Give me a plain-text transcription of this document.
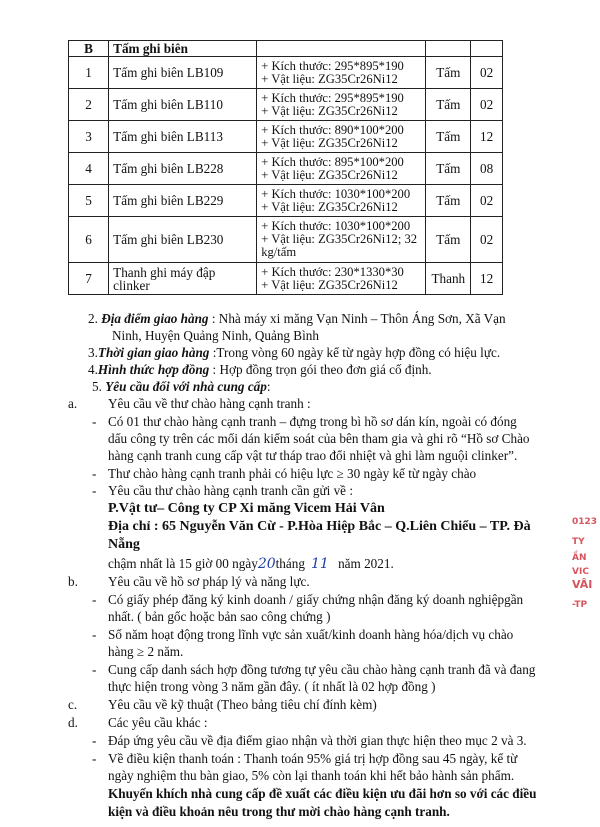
B	Tấm ghi biên			
1	Tấm ghi biên LB109	+ Kích thước: 295*895*190
+ Vật liệu: ZG35Cr26Ni12	Tấm	02
2	Tấm ghi biên LB110	+ Kích thước: 295*895*190
+ Vật liệu: ZG35Cr26Ni12	Tấm	02
3	Tấm ghi biên LB113	+ Kích thước: 890*100*200
+ Vật liệu: ZG35Cr26Ni12	Tấm	12
4	Tấm ghi biên LB228	+ Kích thước: 895*100*200
+ Vật liệu: ZG35Cr26Ni12	Tấm	08
5	Tấm ghi biên LB229	+ Kích thước: 1030*100*200
+ Vật liệu: ZG35Cr26Ni12	Tấm	02
6	Tấm ghi biên LB230	+ Kích thước: 1030*100*200
+ Vật liệu: ZG35Cr26Ni12; 32
kg/tấm	Tấm	02
7	Thanh ghi máy đập clinker	+ Kích thước: 230*1330*30
+ Vật liệu: ZG35Cr26Ni12	Thanh	12
2. Địa điểm giao hàng : Nhà máy xi măng Vạn Ninh – Thôn Áng Sơn, Xã Vạn
Ninh, Huyện Quảng Ninh, Quảng Bình
3.Thời gian giao hàng :Trong vòng 60 ngày kể từ ngày hợp đồng có hiệu lực.
4.Hình thức hợp đồng : Hợp đồng trọn gói theo đơn giá cố định.
5. Yêu cầu đối với nhà cung cấp:
a. Yêu cầu về thư chào hàng cạnh tranh :
- Có 01 thư chào hàng cạnh tranh – đựng trong bì hồ sơ dán kín, ngoài có đóng
dấu công ty trên các mối dán kiểm soát của bên tham gia và ghi rõ “Hồ sơ Chào
hàng cạnh tranh cung cấp vật tư tháp trao đổi nhiệt và ghi làm nguội clinker”.
- Thư chào hàng cạnh tranh phải có hiệu lực ≥ 30 ngày kể từ ngày chào
- Yêu cầu thư chào hàng cạnh tranh cần gửi về :
P.Vật tư– Công ty CP Xi măng Vicem Hải Vân
Địa chỉ : 65 Nguyễn Văn Cừ - P.Hòa Hiệp Bắc – Q.Liên Chiểu – TP. Đà
Nẵng
chậm nhất là 15 giờ 00 ngày20tháng 11 năm 2021.
b. Yêu cầu về hồ sơ pháp lý và năng lực.
- Có giấy phép đăng ký kinh doanh / giấy chứng nhận đăng ký doanh nghiệpgần
nhất. ( bản gốc hoặc bản sao công chứng )
- Số năm hoạt động trong lĩnh vực sản xuất/kinh doanh hàng hóa/dịch vụ chào
hàng ≥ 2 năm.
- Cung cấp danh sách hợp đồng tương tự yêu cầu chào hàng cạnh tranh đã và đang
thực hiện trong vòng 3 năm gần đây. ( ít nhất là 02 hợp đồng )
c. Yêu cầu về kỹ thuật (Theo bảng tiêu chí đính kèm)
d. Các yêu cầu khác :
- Đáp ứng yêu cầu về địa điểm giao nhận và thời gian thực hiện theo mục 2 và 3.
- Về điều kiện thanh toán : Thanh toán 95% giá trị hợp đồng sau 45 ngày, kể từ
ngày nghiệm thu bàn giao, 5% còn lại thanh toán khi hết bảo hành sản phẩm.
Khuyến khích nhà cung cấp đề xuất các điều kiện ưu đãi hơn so với các điều
kiện và điều khoản nêu trong thư mời chào hàng cạnh tranh.
0123
TY
ẦN
VIC
VÂI
-TP
